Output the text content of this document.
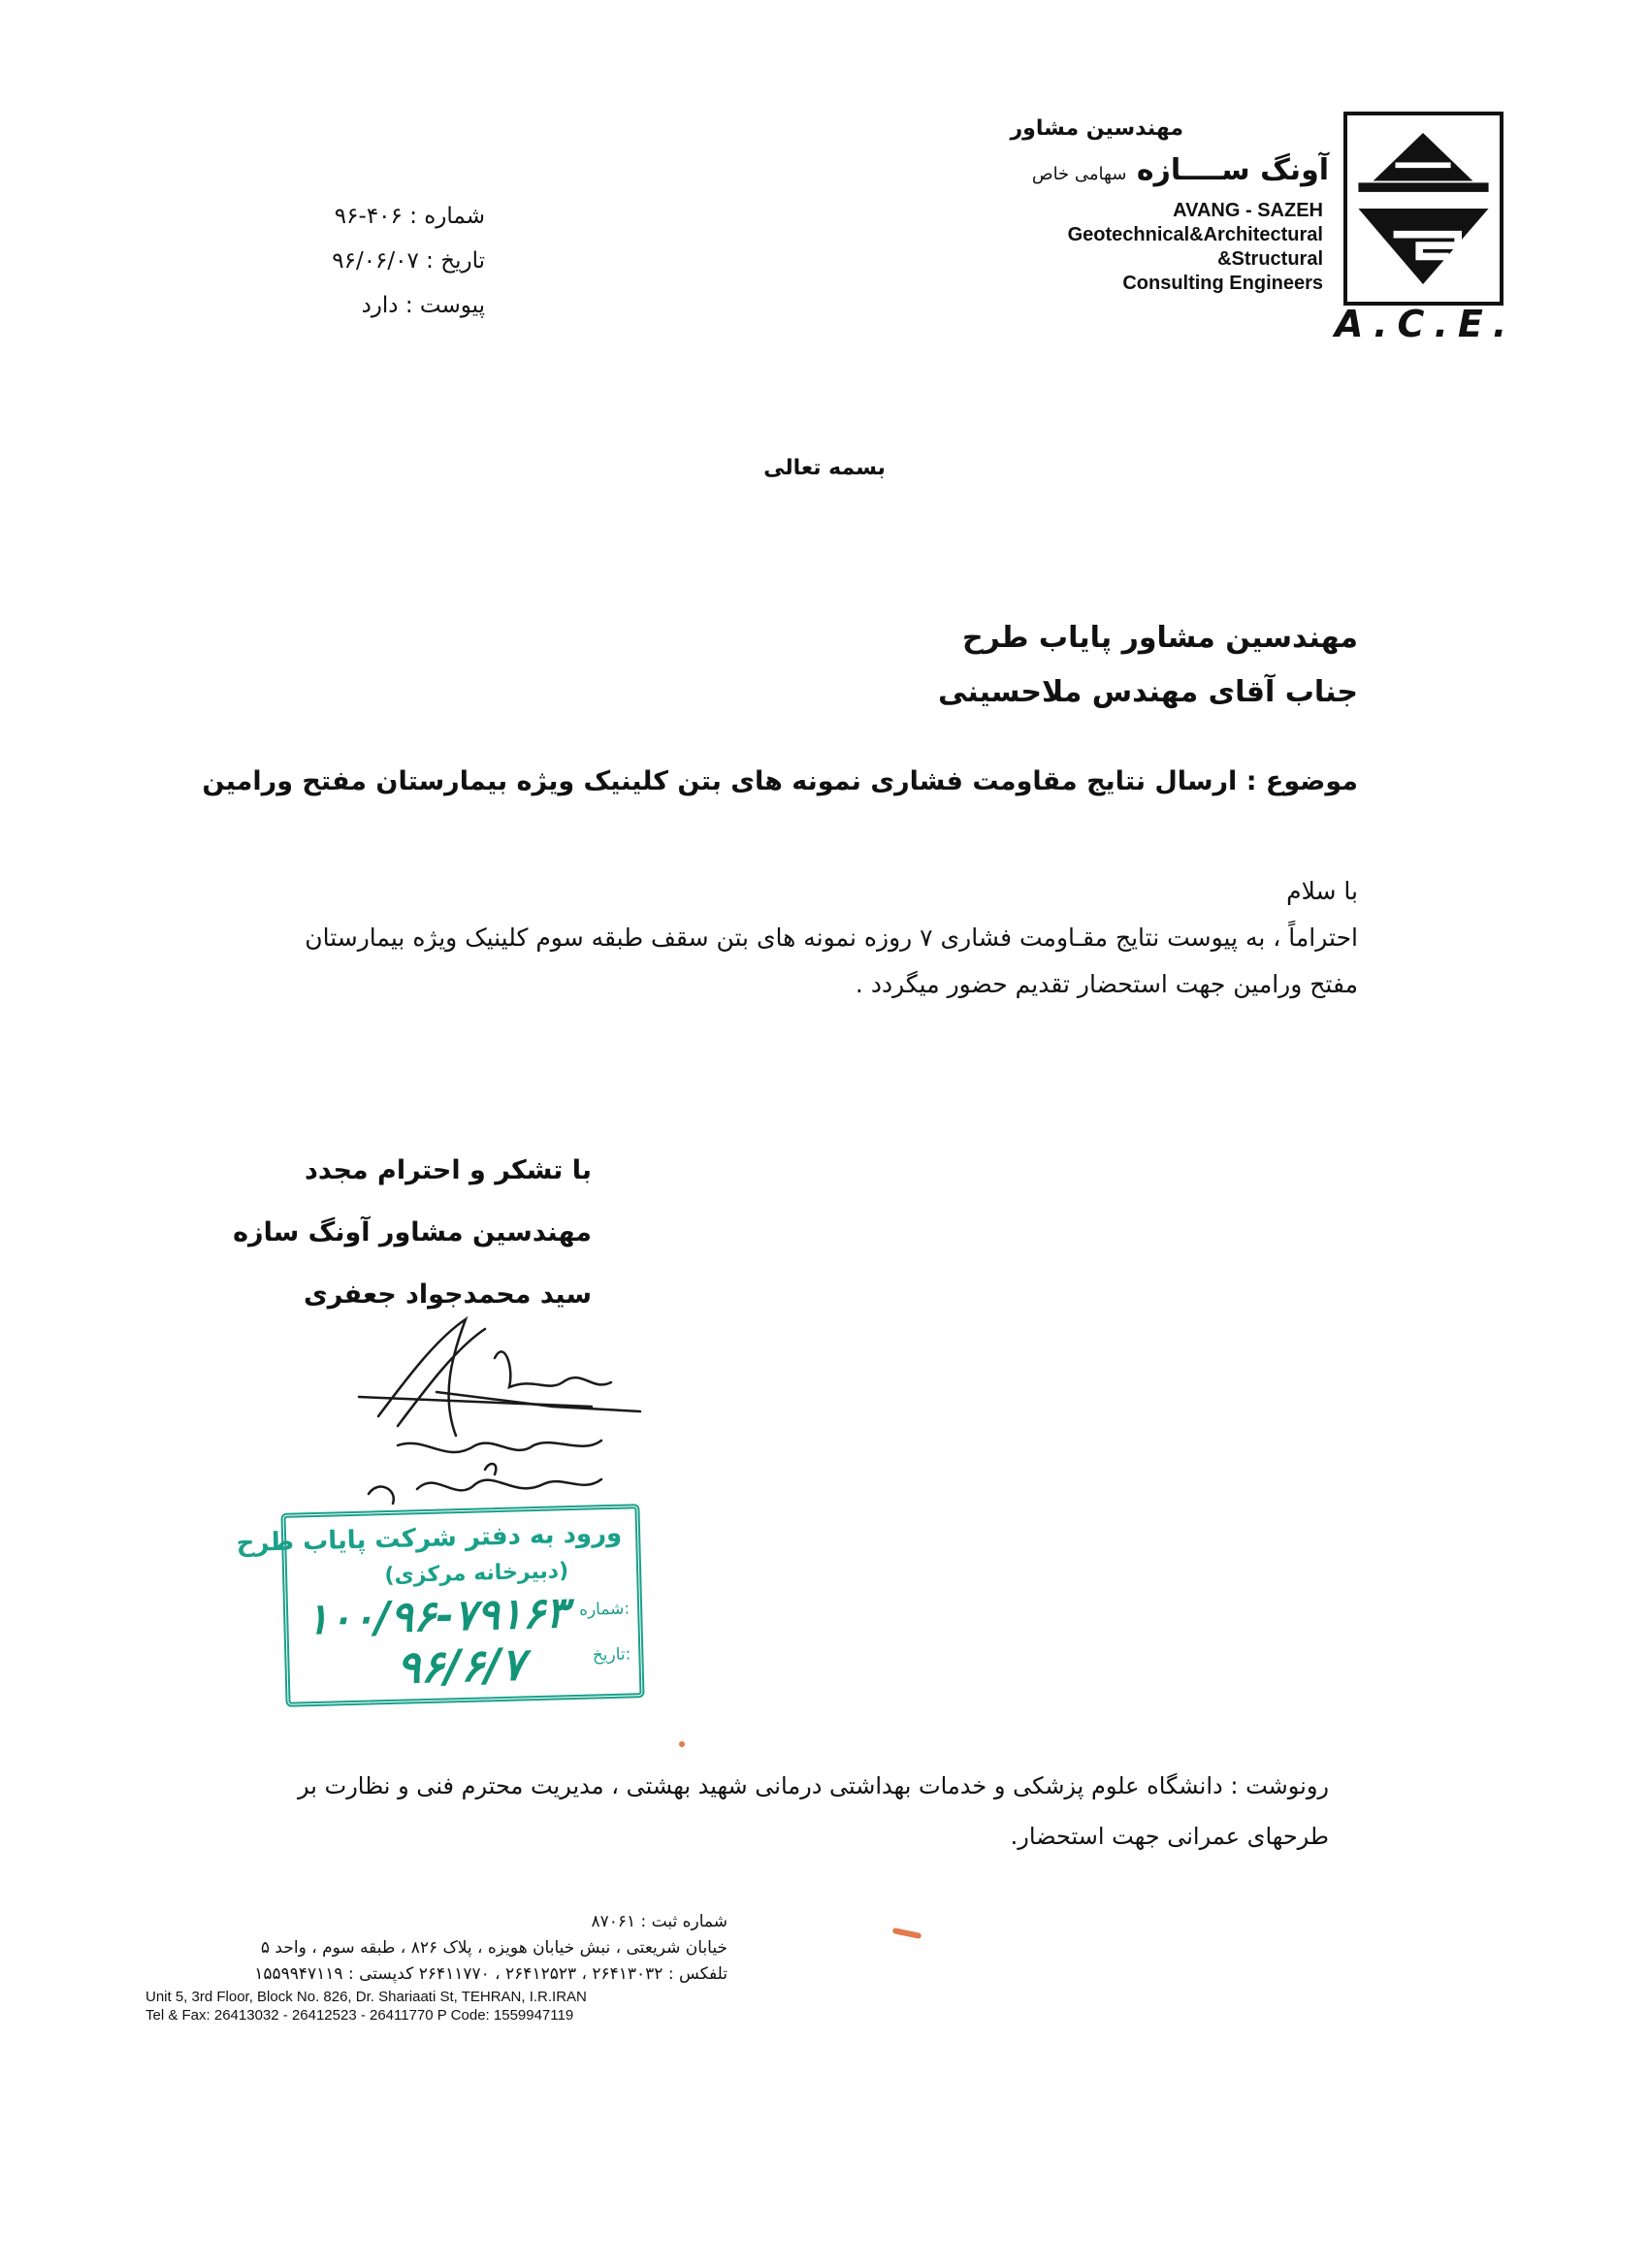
A.C.E.
مهندسین مشاور
آونگ ســــازه سهامی خاص
AVANG - SAZEH
Geotechnical&Architectural
&Structural
Consulting Engineers
شماره : ۴۰۶-۹۶
تاریخ : ۹۶/۰۶/۰۷
پیوست : دارد
بسمه تعالی
مهندسین مشاور پایاب طرح
جناب آقای مهندس ملاحسینی
موضوع : ارسال نتایج مقاومت فشاری نمونه های بتن کلینیک ویژه بیمارستان مفتح ورامین
با سلام
احتراماً ، به پیوست نتایج مقـاومت فشاری ۷ روزه نمونه های بتن سقف طبقه سوم کلینیک ویژه بیمارستان مفتح ورامین جهت استحضار تقدیم حضور میگردد .
با تشکر و احترام مجدد
مهندسین مشاور آونگ سازه
سید محمدجواد جعفری
ورود به دفتر شرکت پایاب طرح
(دبیرخانه مرکزی)
شماره:
تاریخ:
۱۰۰/۹۶-۷۹۱۶۳
۹۶/۶/۷
رونوشت : دانشگاه علوم پزشکی و خدمات بهداشتی درمانی شهید بهشتی ، مدیریت محترم فنی و نظارت بر طرحهای عمرانی جهت استحضار.
شماره ثبت : ۸۷۰۶۱
خیابان شریعتی ، نبش خیابان هویزه ، پلاک ۸۲۶ ، طبقه سوم ، واحد ۵
تلفکس : ۲۶۴۱۳۰۳۲ ، ۲۶۴۱۲۵۲۳ ، ۲۶۴۱۱۷۷۰ کدپستی : ۱۵۵۹۹۴۷۱۱۹
Unit 5, 3rd Floor, Block No. 826, Dr. Shariaati St, TEHRAN, I.R.IRAN
Tel & Fax: 26413032 - 26412523 - 26411770 P Code: 1559947119
